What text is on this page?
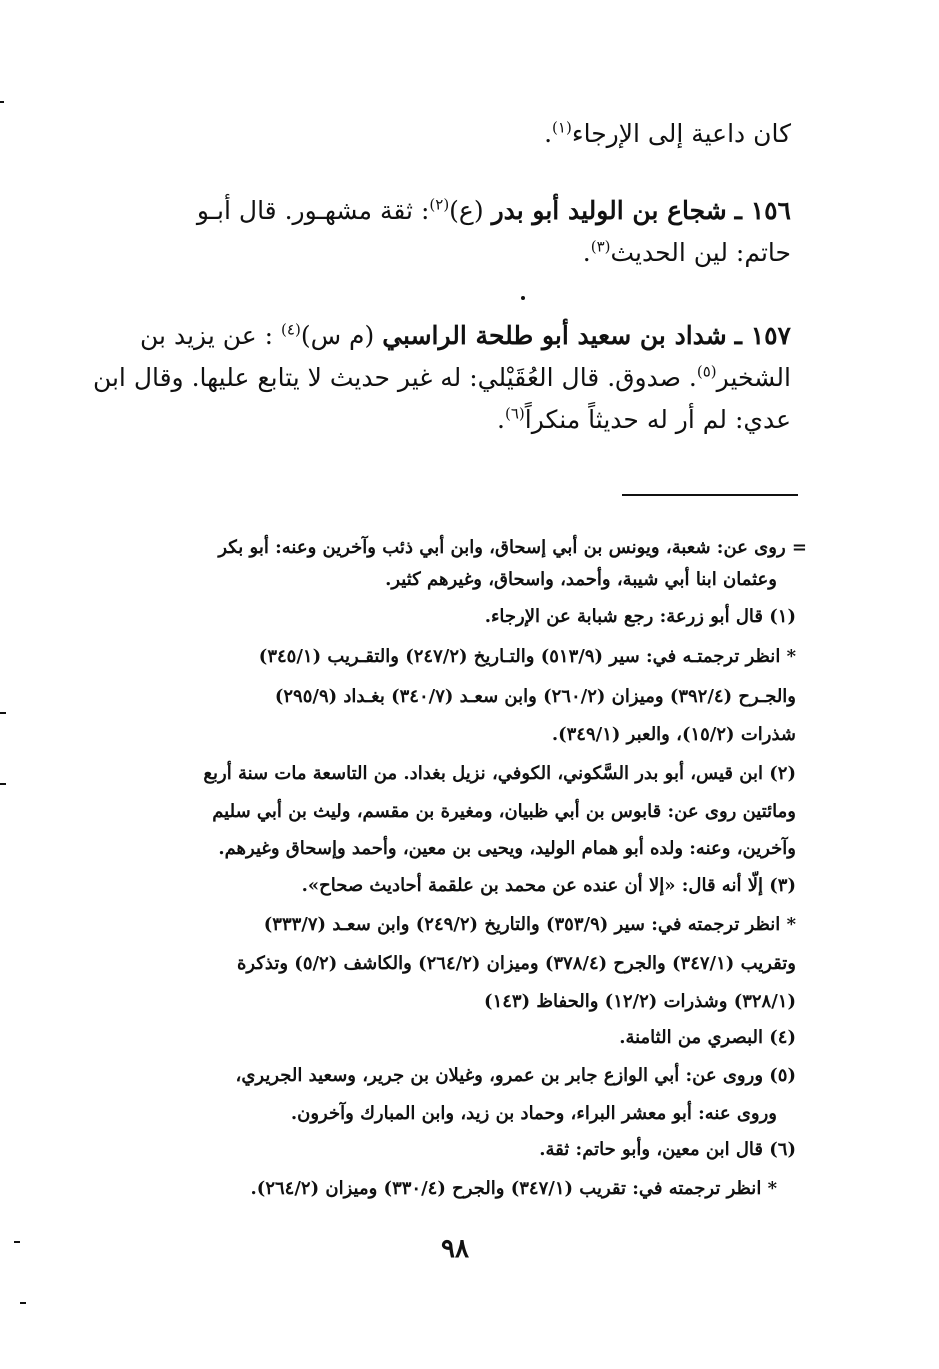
كان داعية إلى الإرجاء$^{(١)}$.
١٥٦ ـ شجاع بن الوليد أبو بدر (ع)$^{(٢)}$: ثقة مشهـور. قال أبـو
حاتم: لين الحديث$^{(٣)}$.
١٥٧ ـ شداد بن سعيد أبو طلحة الراسبي (م س)$^{(٤)}$ : عن يزيد بن
الشخير$^{(٥)}$. صدوق. قال العُقَيْلي: له غير حديث لا يتابع عليها. وقال ابن
عدي: لم أر له حديثاً منكراً$^{(٦)}$.
= روى عن: شعبة، ويونس بن أبي إسحاق، وابن أبي ذئب وآخرين وعنه: أبو بكر
وعثمان ابنا أبي شيبة، وأحمد، واسحاق، وغيرهم كثير.
(١) قال أبو زرعة: رجع شبابة عن الإرجاء.
* انظر ترجمتـه في: سير (٥١٣/٩) والتـاريخ (٢٤٧/٢) والتقـريب (٣٤٥/١)
والجـرح (٣٩٢/٤) وميزان (٢٦٠/٢) وابن سعـد (٣٤٠/٧) بغـداد (٢٩٥/٩)
شذرات (١٥/٢)، والعبر (٣٤٩/١).
(٢) ابن قيس، أبو بدر السَّكوني، الكوفي، نزيل بغداد. من التاسعة مات سنة أربع
ومائتين روى عن: قابوس بن أبي ظبيان، ومغيرة بن مقسم، وليث بن أبي سليم
وآخرين، وعنه: ولده أبو همام الوليد، ويحيى بن معين، وأحمد وإسحاق وغيرهم.
(٣) إلّا أنه قال: «إلا أن عنده عن محمد بن علقمة أحاديث صحاح».
* انظر ترجمته في: سير (٣٥٣/٩) والتاريخ (٢٤٩/٢) وابن سعـد (٣٣٣/٧)
وتقريب (٣٤٧/١) والجرح (٣٧٨/٤) وميزان (٢٦٤/٢) والكاشف (٥/٢) وتذكرة
(٣٢٨/١) وشذرات (١٢/٢) والحفاظ (١٤٣)
(٤) البصري من الثامنة.
(٥) وروى عن: أبي الوازع جابر بن عمرو، وغيلان بن جرير، وسعيد الجريري،
وروى عنه: أبو معشر البراء، وحماد بن زيد، وابن المبارك وآخرون.
(٦) قال ابن معين، وأبو حاتم: ثقة.
* انظر ترجمته في: تقريب (٣٤٧/١) والجرح (٣٣٠/٤) وميزان (٢٦٤/٢).
٩٨
